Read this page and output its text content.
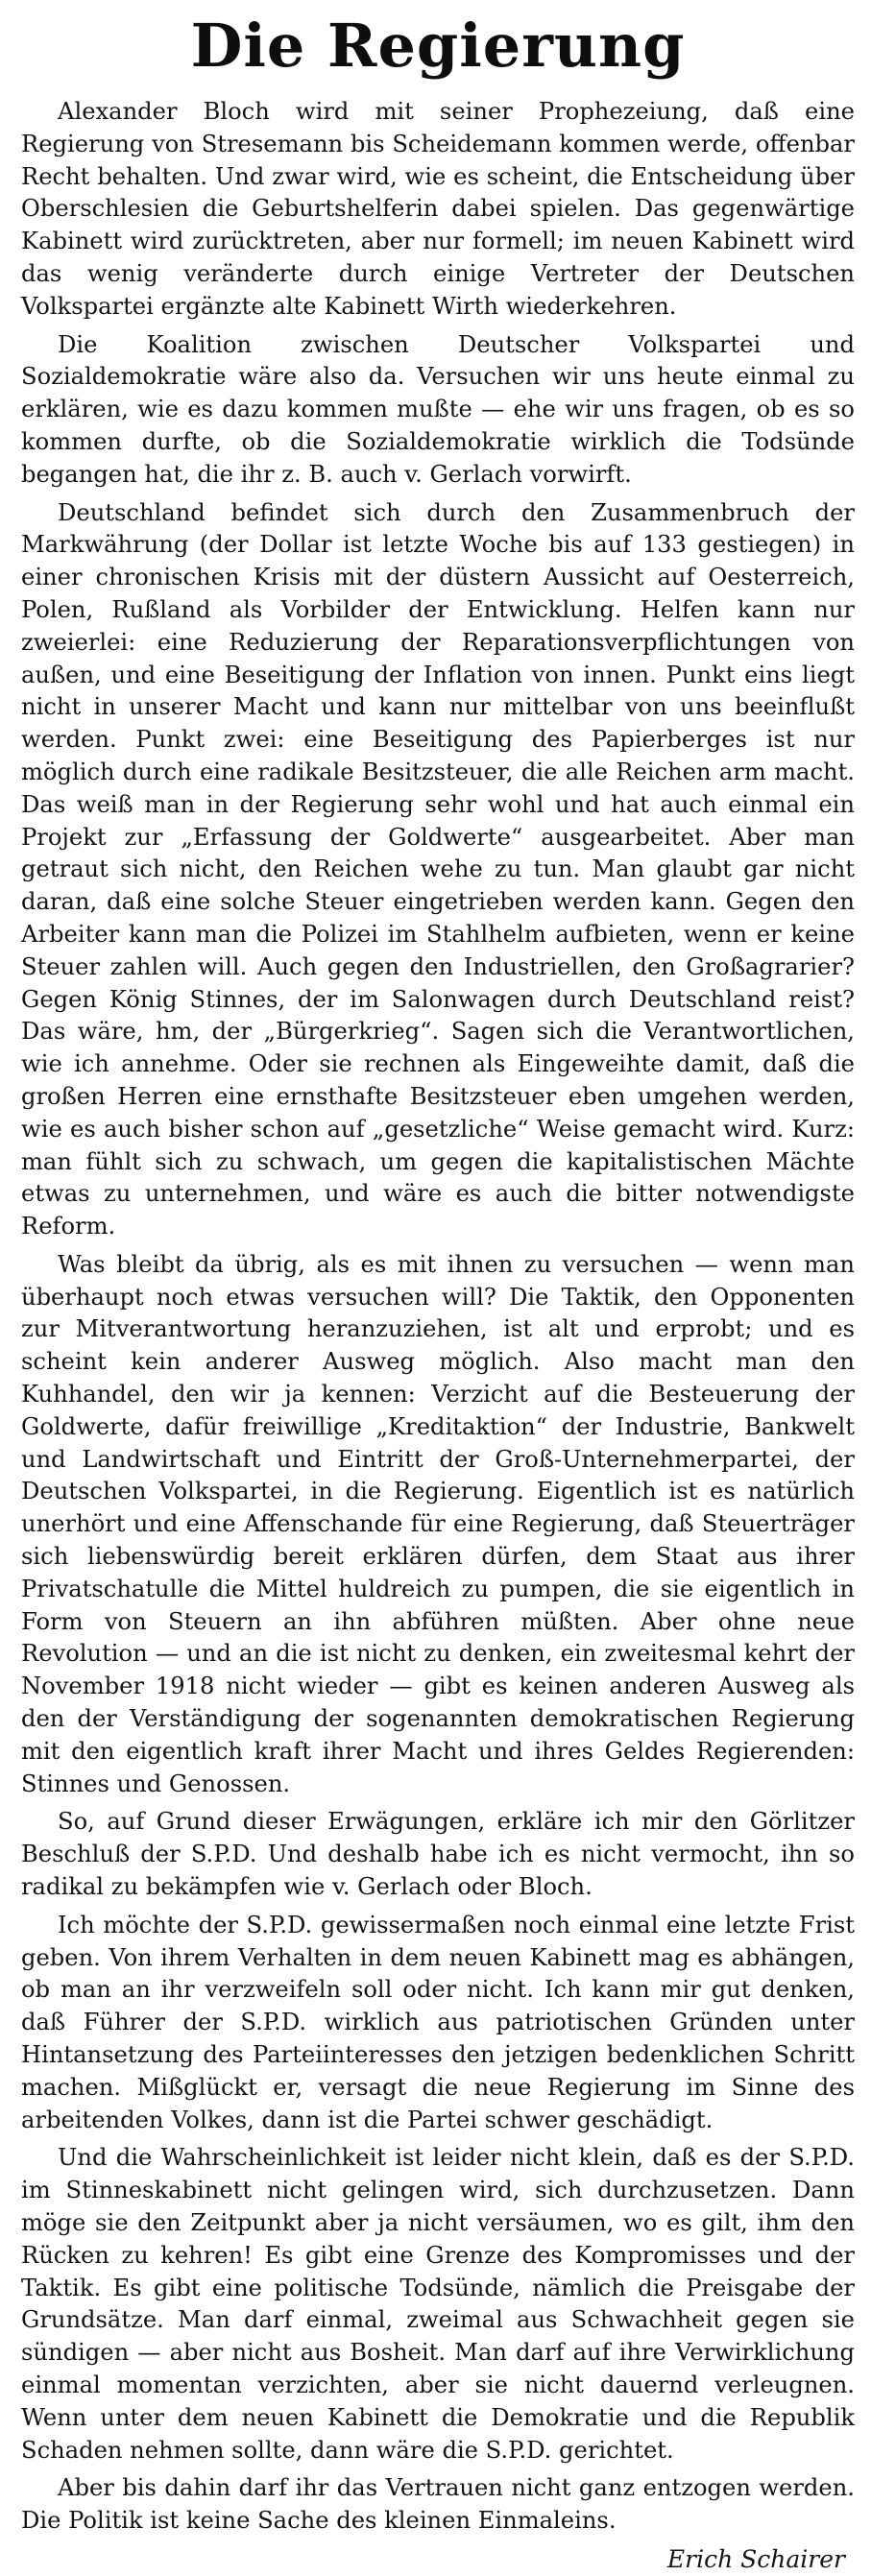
Die Regierung

Alexander Bloch wird mit seiner Prophezeiung, daß eine Regierung von Stresemann bis Scheidemann kommen werde, offenbar Recht behalten. Und zwar wird, wie es scheint, die Entscheidung über Oberschlesien die Geburtshelferin dabei spielen. Das gegenwärtige Kabinett wird zurücktreten, aber nur formell; im neuen Kabinett wird das wenig veränderte durch einige Vertreter der Deutschen Volkspartei ergänzte alte Kabinett Wirth wiederkehren.

Die Koalition zwischen Deutscher Volkspartei und Sozialdemokratie wäre also da. Versuchen wir uns heute einmal zu erklären, wie es dazu kommen mußte — ehe wir uns fragen, ob es so kommen durfte, ob die Sozialdemokratie wirklich die Todsünde begangen hat, die ihr z. B. auch v. Gerlach vorwirft.

Deutschland befindet sich durch den Zusammenbruch der Markwährung (der Dollar ist letzte Woche bis auf 133 gestiegen) in einer chronischen Krisis mit der düstern Aussicht auf Oesterreich, Polen, Rußland als Vorbilder der Entwicklung. Helfen kann nur zweierlei: eine Reduzierung der Reparationsverpflichtungen von außen, und eine Beseitigung der Inflation von innen. Punkt eins liegt nicht in unserer Macht und kann nur mittelbar von uns beeinflußt werden. Punkt zwei: eine Beseitigung des Papierberges ist nur möglich durch eine radikale Besitzsteuer, die alle Reichen arm macht. Das weiß man in der Regierung sehr wohl und hat auch einmal ein Projekt zur „Erfassung der Goldwerte“ ausgearbeitet. Aber man getraut sich nicht, den Reichen wehe zu tun. Man glaubt gar nicht daran, daß eine solche Steuer eingetrieben werden kann. Gegen den Arbeiter kann man die Polizei im Stahlhelm aufbieten, wenn er keine Steuer zahlen will. Auch gegen den Industriellen, den Großagrarier? Gegen König Stinnes, der im Salonwagen durch Deutschland reist? Das wäre, hm, der „Bürgerkrieg“. Sagen sich die Verantwortlichen, wie ich annehme. Oder sie rechnen als Eingeweihte damit, daß die großen Herren eine ernsthafte Besitzsteuer eben umgehen werden, wie es auch bisher schon auf „gesetzliche“ Weise gemacht wird. Kurz: man fühlt sich zu schwach, um gegen die kapitalistischen Mächte etwas zu unternehmen, und wäre es auch die bitter notwendigste Reform.

Was bleibt da übrig, als es mit ihnen zu versuchen — wenn man überhaupt noch etwas versuchen will? Die Taktik, den Opponenten zur Mitverantwortung heranzuziehen, ist alt und erprobt; und es scheint kein anderer Ausweg möglich. Also macht man den Kuhhandel, den wir ja kennen: Verzicht auf die Besteuerung der Goldwerte, dafür freiwillige „Kreditaktion“ der Industrie, Bankwelt und Landwirtschaft und Eintritt der Groß-Unternehmerpartei, der Deutschen Volkspartei, in die Regierung. Eigentlich ist es natürlich unerhört und eine Affenschande für eine Regierung, daß Steuerträger sich liebenswürdig bereit erklären dürfen, dem Staat aus ihrer Privatschatulle die Mittel huldreich zu pumpen, die sie eigentlich in Form von Steuern an ihn abführen müßten. Aber ohne neue Revolution — und an die ist nicht zu denken, ein zweitesmal kehrt der November 1918 nicht wieder — gibt es keinen anderen Ausweg als den der Verständigung der sogenannten demokratischen Regierung mit den eigentlich kraft ihrer Macht und ihres Geldes Regierenden: Stinnes und Genossen.

So, auf Grund dieser Erwägungen, erkläre ich mir den Görlitzer Beschluß der S.P.D. Und deshalb habe ich es nicht vermocht, ihn so radikal zu bekämpfen wie v. Gerlach oder Bloch.

Ich möchte der S.P.D. gewissermaßen noch einmal eine letzte Frist geben. Von ihrem Verhalten in dem neuen Kabinett mag es abhängen, ob man an ihr verzweifeln soll oder nicht. Ich kann mir gut denken, daß Führer der S.P.D. wirklich aus patriotischen Gründen unter Hintansetzung des Parteiinteresses den jetzigen bedenklichen Schritt machen. Mißglückt er, versagt die neue Regierung im Sinne des arbeitenden Volkes, dann ist die Partei schwer geschädigt.

Und die Wahrscheinlichkeit ist leider nicht klein, daß es der S.P.D. im Stinneskabinett nicht gelingen wird, sich durchzusetzen. Dann möge sie den Zeitpunkt aber ja nicht versäumen, wo es gilt, ihm den Rücken zu kehren! Es gibt eine Grenze des Kompromisses und der Taktik. Es gibt eine politische Todsünde, nämlich die Preisgabe der Grundsätze. Man darf einmal, zweimal aus Schwachheit gegen sie sündigen — aber nicht aus Bosheit. Man darf auf ihre Verwirklichung einmal momentan verzichten, aber sie nicht dauernd verleugnen. Wenn unter dem neuen Kabinett die Demokratie und die Republik Schaden nehmen sollte, dann wäre die S.P.D. gerichtet.

Aber bis dahin darf ihr das Vertrauen nicht ganz entzogen werden. Die Politik ist keine Sache des kleinen Einmaleins.

Erich Schairer
